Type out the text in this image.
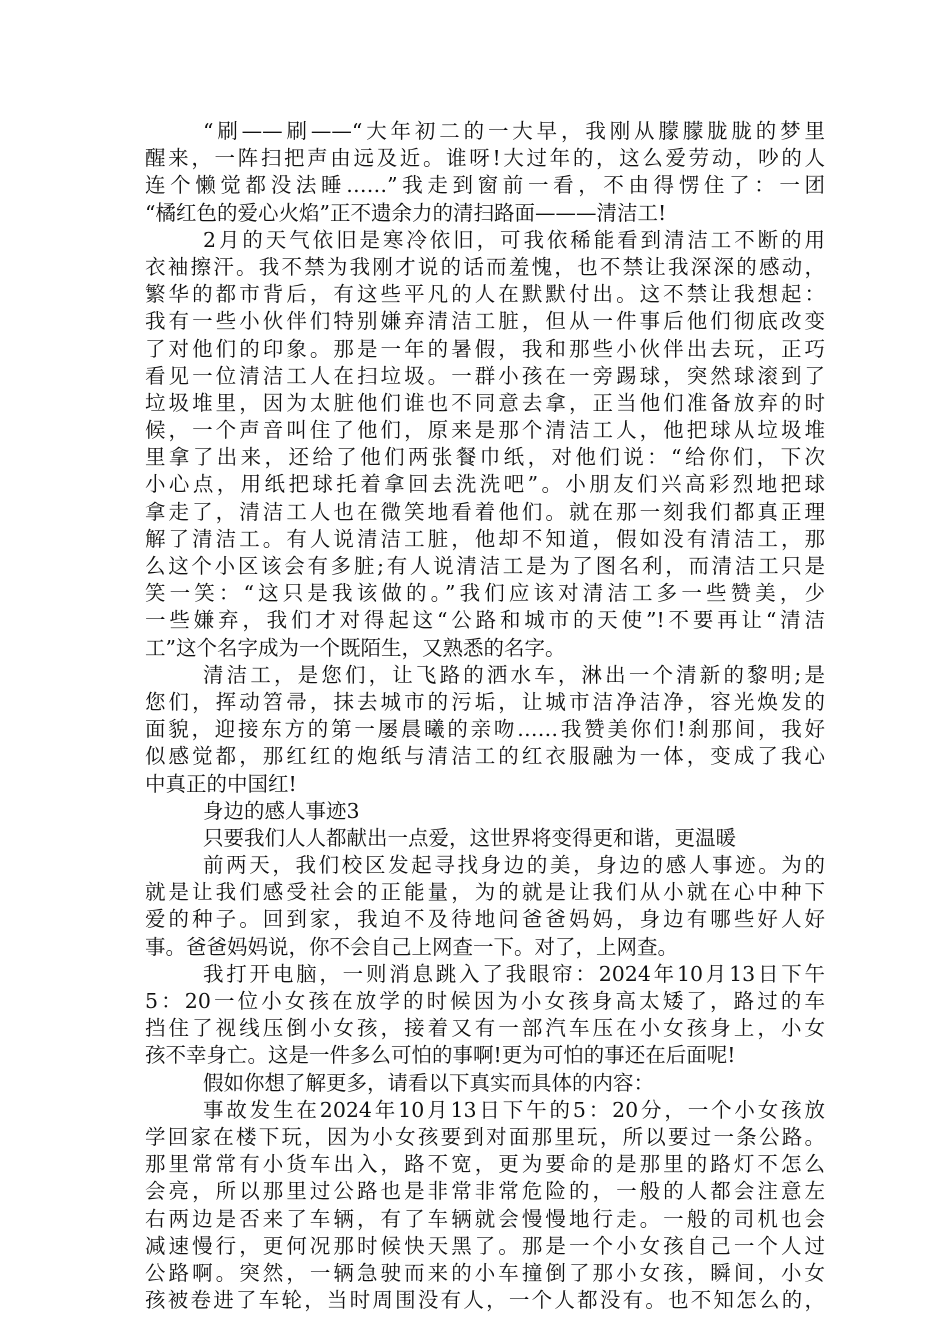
“刷——刷——“大年初二的一大早，我刚从朦朦胧胧的梦里
醒来，一阵扫把声由远及近。谁呀!大过年的，这么爱劳动，吵的人
连个懒觉都没法睡……”我走到窗前一看，不由得愣住了：一团
“橘红色的爱心火焰”正不遗余力的清扫路面———清洁工!
2月的天气依旧是寒冷依旧，可我依稀能看到清洁工不断的用
衣袖擦汗。我不禁为我刚才说的话而羞愧，也不禁让我深深的感动，
繁华的都市背后，有这些平凡的人在默默付出。这不禁让我想起：
我有一些小伙伴们特别嫌弃清洁工脏，但从一件事后他们彻底改变
了对他们的印象。那是一年的暑假，我和那些小伙伴出去玩，正巧
看见一位清洁工人在扫垃圾。一群小孩在一旁踢球，突然球滚到了
垃圾堆里，因为太脏他们谁也不同意去拿，正当他们准备放弃的时
候，一个声音叫住了他们，原来是那个清洁工人，他把球从垃圾堆
里拿了出来，还给了他们两张餐巾纸，对他们说：“给你们，下次
小心点，用纸把球托着拿回去洗洗吧”。小朋友们兴高彩烈地把球
拿走了，清洁工人也在微笑地看着他们。就在那一刻我们都真正理
解了清洁工。有人说清洁工脏，他却不知道，假如没有清洁工，那
么这个小区该会有多脏;有人说清洁工是为了图名利，而清洁工只是
笑一笑：“这只是我该做的。”我们应该对清洁工多一些赞美，少
一些嫌弃，我们才对得起这“公路和城市的天使”!不要再让“清洁
工”这个名字成为一个既陌生，又熟悉的名字。
清洁工，是您们，让飞路的洒水车，淋出一个清新的黎明;是
您们，挥动笤帚，抹去城市的污垢，让城市洁净洁净，容光焕发的
面貌，迎接东方的第一屡晨曦的亲吻……我赞美你们!刹那间，我好
似感觉都，那红红的炮纸与清洁工的红衣服融为一体，变成了我心
中真正的中国红!
身边的感人事迹3
只要我们人人都献出一点爱，这世界将变得更和谐，更温暖
前两天，我们校区发起寻找身边的美，身边的感人事迹。为的
就是让我们感受社会的正能量，为的就是让我们从小就在心中种下
爱的种子。回到家，我迫不及待地问爸爸妈妈，身边有哪些好人好
事。爸爸妈妈说，你不会自己上网查一下。对了，上网查。
我打开电脑，一则消息跳入了我眼帘：2024年10月13日下午
5：20一位小女孩在放学的时候因为小女孩身高太矮了，路过的车
挡住了视线压倒小女孩，接着又有一部汽车压在小女孩身上，小女
孩不幸身亡。这是一件多么可怕的事啊!更为可怕的事还在后面呢!
假如你想了解更多，请看以下真实而具体的内容：
事故发生在2024年10月13日下午的5：20分，一个小女孩放
学回家在楼下玩，因为小女孩要到对面那里玩，所以要过一条公路。
那里常常有小货车出入，路不宽，更为要命的是那里的路灯不怎么
会亮，所以那里过公路也是非常非常危险的，一般的人都会注意左
右两边是否来了车辆，有了车辆就会慢慢地行走。一般的司机也会
减速慢行，更何况那时候快天黑了。那是一个小女孩自己一个人过
公路啊。突然，一辆急驶而来的小车撞倒了那小女孩，瞬间，小女
孩被卷进了车轮，当时周围没有人，一个人都没有。也不知怎么的，
